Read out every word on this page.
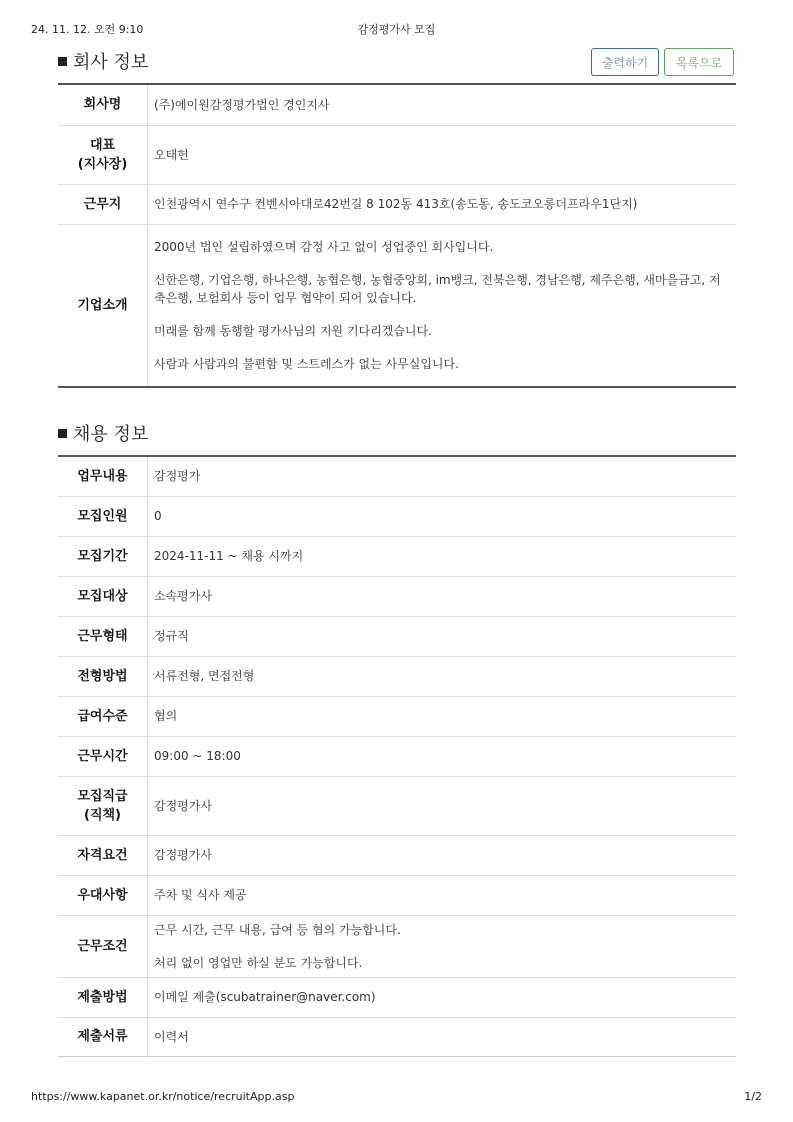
24. 11. 12. 오전 9:10	감정평가사 모집
회사 정보	출력하기	목록으로
회사명	(주)에이원감정평가법인 경인지사
대표
(지사장)	오태헌
근무지	인천광역시 연수구 컨벤시아대로42번길 8 102동 413호(송도동, 송도코오롱더프라우1단지)
기업소개	2000년 법인 설립하였으며 감정 사고 없이 성업중인 회사입니다.

신한은행, 기업은행, 하나은행, 농협은행, 농협중앙회, im뱅크, 전북은행, 경남은행, 제주은행, 새마을금고, 저축은행, 보험회사 등이 업무 협약이 되어 있습니다.

미래를 함께 동행할 평가사님의 지원 기다리겠습니다.

사람과 사람과의 불편함 및 스트레스가 없는 사무실입니다.

채용 정보
업무내용	감정평가
모집인원	0
모집기간	2024-11-11 ~ 채용 시까지
모집대상	소속평가사
근무형태	정규직
전형방법	서류전형, 면접전형
급여수준	협의
근무시간	09:00 ~ 18:00
모집직급
(직책)	감정평가사
자격요건	감정평가사
우대사항	주차 및 식사 제공
근무조건	근무 시간, 근무 내용, 급여 등 협의 가능합니다.

처리 없이 영업만 하실 분도 가능합니다.

제출방법	이메일 제출(scubatrainer@naver.com)
제출서류	이력서
https://www.kapanet.or.kr/notice/recruitApp.asp	1/2
